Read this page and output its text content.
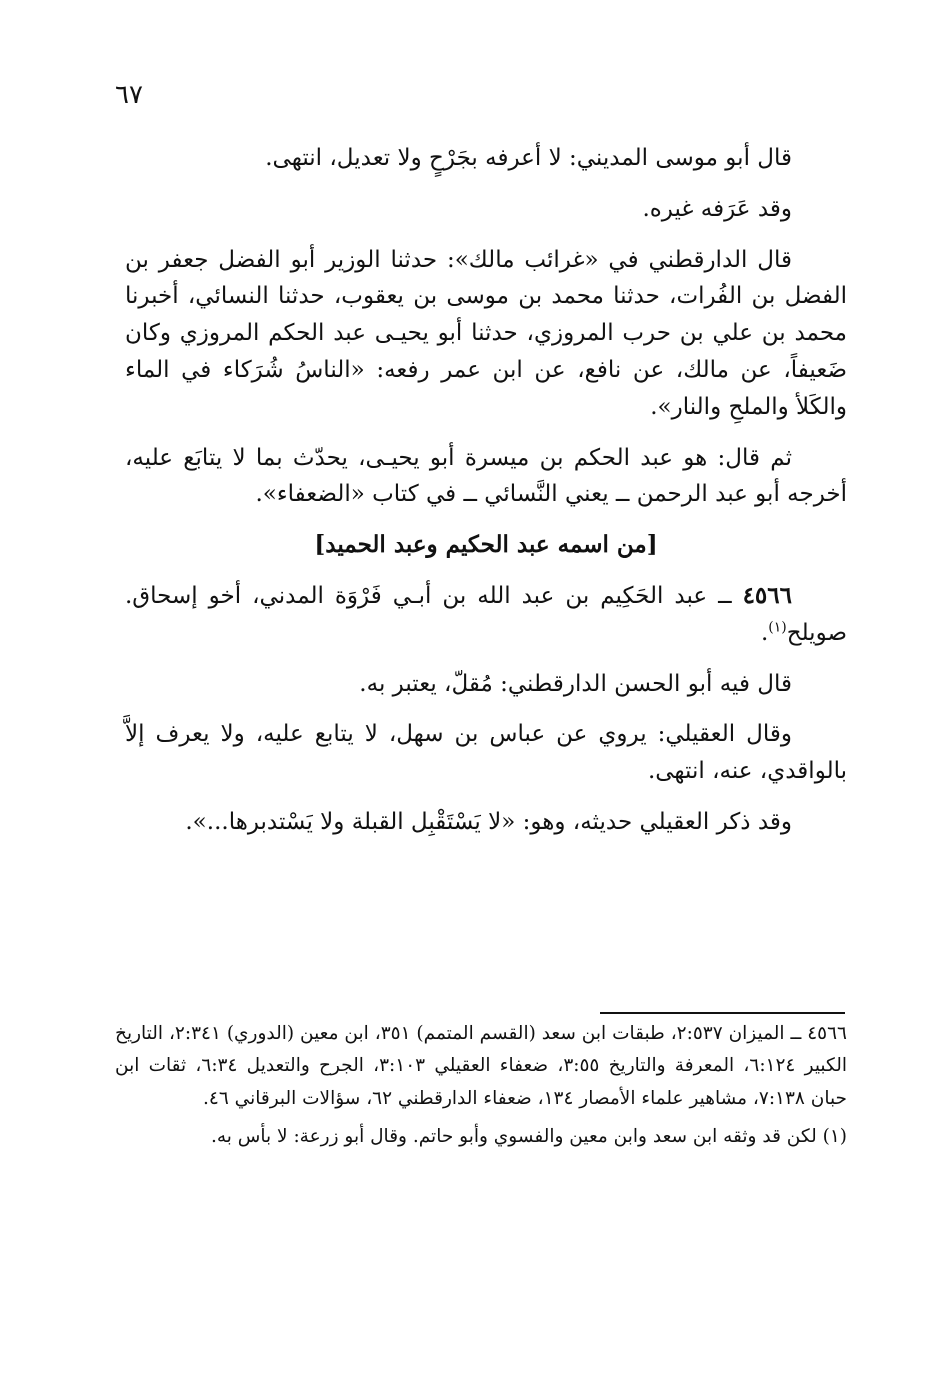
٦٧

قال أبو موسى المديني: لا أعرفه بجَرْحٍ ولا تعديل، انتهى.

وقد عَرَفه غيره.

قال الدارقطني في «غرائب مالك»: حدثنا الوزير أبو الفضل جعفر بن الفضل بن الفُرات، حدثنا محمد بن موسى بن يعقوب، حدثنا النسائي، أخبرنا محمد بن علي بن حرب المروزي، حدثنا أبو يحيـى عبد الحكم المروزي وكان ضَعيفاً، عن مالك، عن نافع، عن ابن عمر رفعه: «الناسُ شُرَكاء في الماء والكَلأ والملحِ والنار».

ثم قال: هو عبد الحكم بن ميسرة أبو يحيـى، يحدّث بما لا يتابَع عليه، أخرجه أبو عبد الرحمن ــ يعني النَّسائي ــ في كتاب «الضعفاء».

[من اسمه عبد الحكيم وعبد الحميد]

٤٥٦٦ ــ عبد الحَكِيم بن عبد الله بن أبـي فَرْوَة المدني، أخو إسحاق. صويلح$^{(١)}$.

قال فيه أبو الحسن الدارقطني: مُقلّ، يعتبر به.

وقال العقيلي: يروي عن عباس بن سهل، لا يتابع عليه، ولا يعرف إلاَّ بالواقدي، عنه، انتهى.

وقد ذكر العقيلي حديثه، وهو: «لا يَسْتَقْبِل القبلة ولا يَسْتدبرها...».

٤٥٦٦ ــ الميزان ٢:٥٣٧، طبقات ابن سعد (القسم المتمم) ٣٥١، ابن معين (الدوري) ٢:٣٤١، التاريخ الكبير ٦:١٢٤، المعرفة والتاريخ ٣:٥٥، ضعفاء العقيلي ٣:١٠٣، الجرح والتعديل ٦:٣٤، ثقات ابن حبان ٧:١٣٨، مشاهير علماء الأمصار ١٣٤، ضعفاء الدارقطني ٦٢، سؤالات البرقاني ٤٦.

(١) لكن قد وثقه ابن سعد وابن معين والفسوي وأبو حاتم. وقال أبو زرعة: لا بأس به.
